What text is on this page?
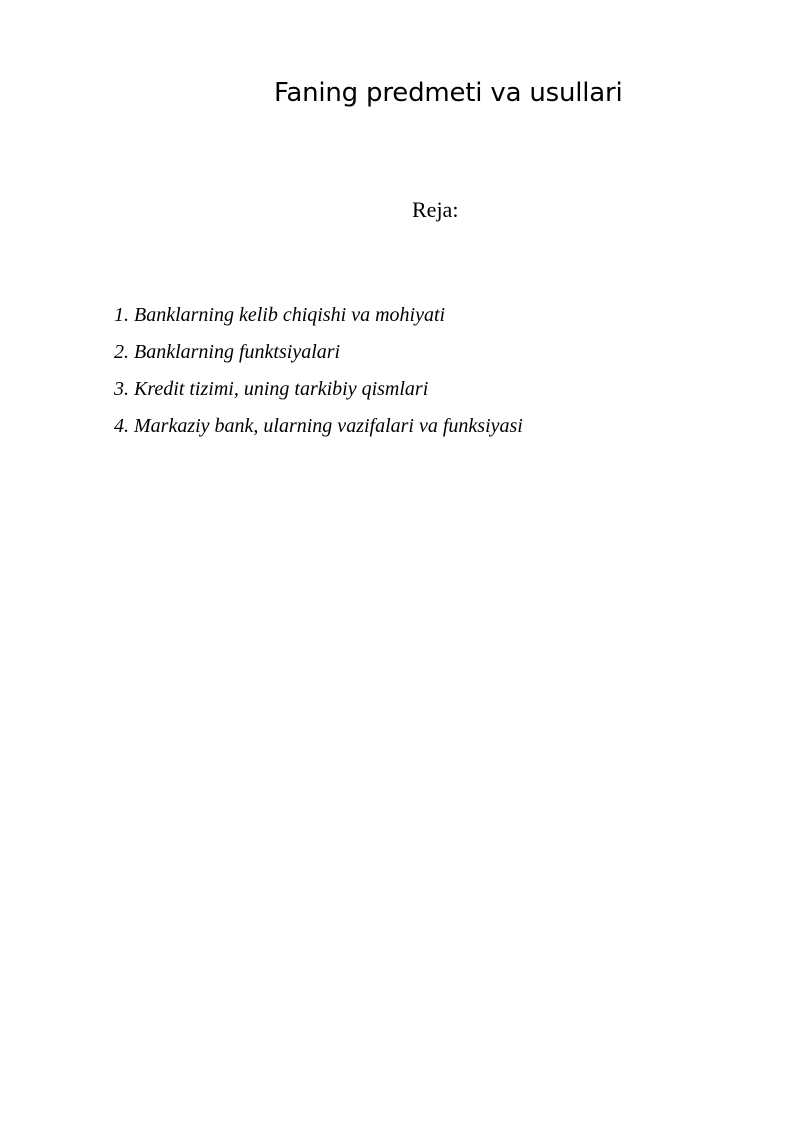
Faning predmeti va usullari
Reja:
1. Banklarning kelib chiqishi va mohiyati
2. Banklarning funktsiyalari
3. Kredit tizimi, uning tarkibiy qismlari
4. Markaziy bank, ularning vazifalari va funksiyasi
